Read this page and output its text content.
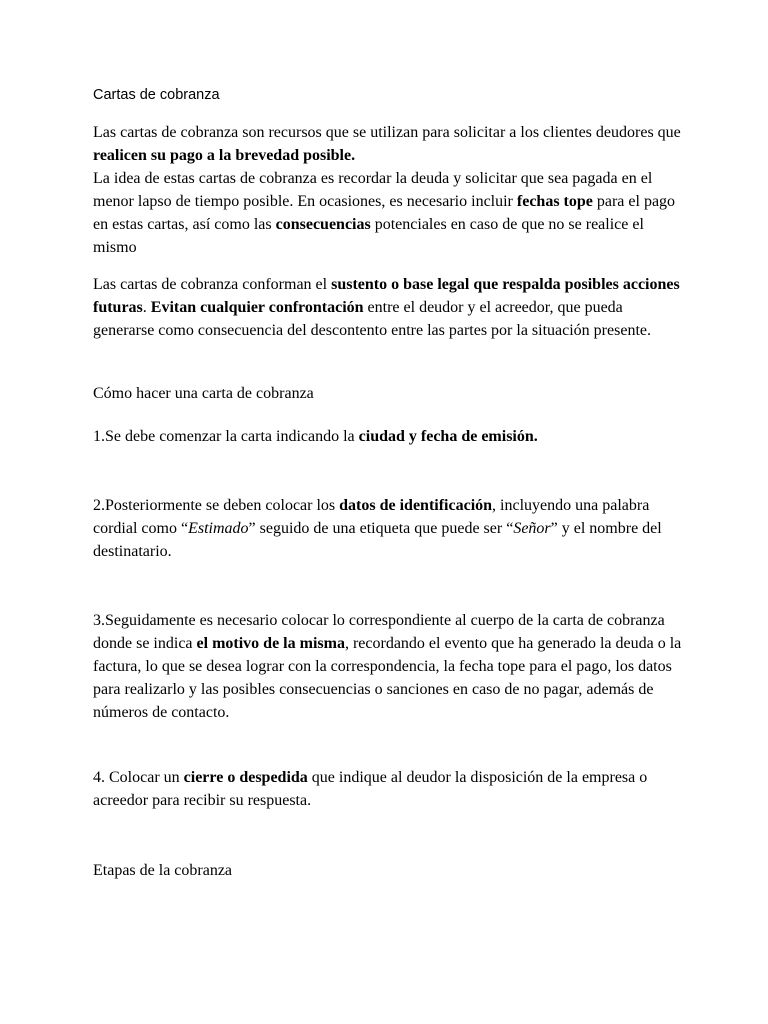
Cartas de cobranza

Las cartas de cobranza son recursos que se utilizan para solicitar a los clientes deudores que realicen su pago a la brevedad posible.

La idea de estas cartas de cobranza es recordar la deuda y solicitar que sea pagada en el menor lapso de tiempo posible. En ocasiones, es necesario incluir fechas tope para el pago en estas cartas, así como las consecuencias potenciales en caso de que no se realice el mismo

Las cartas de cobranza conforman el sustento o base legal que respalda posibles acciones futuras. Evitan cualquier confrontación entre el deudor y el acreedor, que pueda generarse como consecuencia del descontento entre las partes por la situación presente.

Cómo hacer una carta de cobranza

1.Se debe comenzar la carta indicando la ciudad y fecha de emisión.

2.Posteriormente se deben colocar los datos de identificación, incluyendo una palabra cordial como “Estimado” seguido de una etiqueta que puede ser “Señor” y el nombre del destinatario.

3.Seguidamente es necesario colocar lo correspondiente al cuerpo de la carta de cobranza donde se indica el motivo de la misma, recordando el evento que ha generado la deuda o la factura, lo que se desea lograr con la correspondencia, la fecha tope para el pago, los datos para realizarlo y las posibles consecuencias o sanciones en caso de no pagar, además de números de contacto.

4. Colocar un cierre o despedida que indique al deudor la disposición de la empresa o acreedor para recibir su respuesta.

Etapas de la cobranza
